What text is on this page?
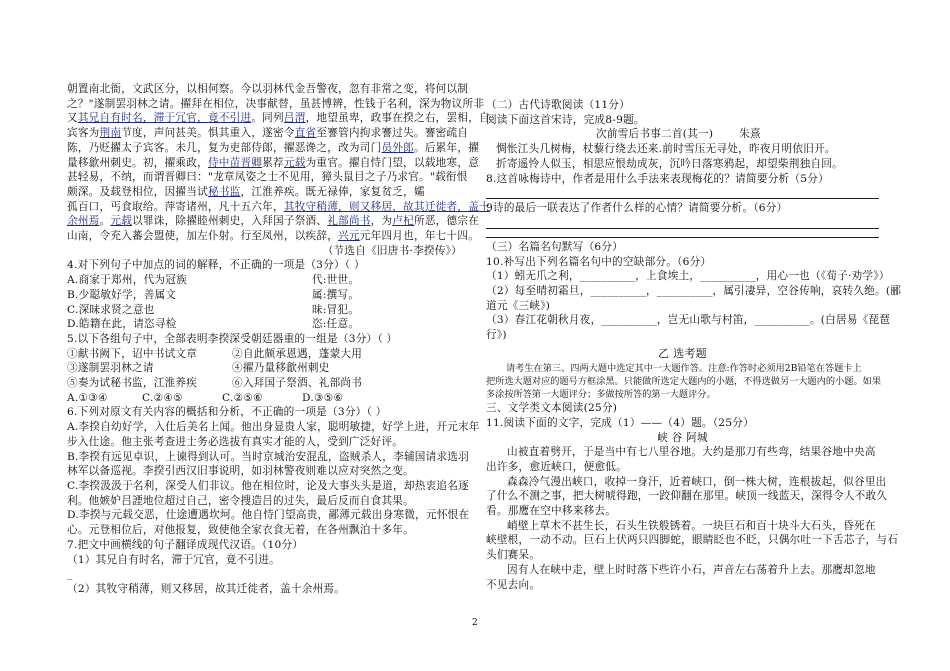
朝置南北衙，文武区分，以相何察。今以羽林代金吾警夜，忽有非常之变，将何以制
之？"遂制罢羽林之请。擢拜在相位，决事献替，虽甚博辨，性钱于名利，深为物议所非
又其兄自有时名，滞于冗官，竟不引进。同列吕渭，地望虽卑，政事在揆之右，罢相，自
宾客为荆南节度，声问甚美。惧其重入，遂密令直省至謇管内拘求謇过失。謇密疏自
陈，乃贬擢太子宾客。未几，复为吏部侍郎，擢恶谗之，改为司门员外郎。后累年，擢
量移歙州刺史。初，擢乘政，侍中苗晋卿累荐元载为重官。擢自恃门望，以载地寒，意
甚轻易，不纳，而谓晋卿曰："龙章凤姿之士不见用，獐头鼠目之子乃求官。"载衔恨
颇深。及载登相位，因擢当试秘书监，江淮养疾。既无禄俸，家复贫乏，孀
孤百口，丐食取给。萍寄诸州，凡十五六年，其牧守稍薄，则又移居，故其迁徙者，盖十
余州焉。元载以罪诛，除擢睦州刺史，入拜国子祭酒、礼部尚书，为卢杞所恶，德宗在
山南，令充入蕃会盟使，加左仆射。行至凤州，以疾辞，兴元元年四月也，年七十四。
（节选自《旧唐书·李揆传》）
4.对下列句子中加点的词的解释，不正确的一项是（3分）（ ）
A.商家于郑州，代为冠族	代:世世。
B.少聪敏好学，善属文	属:撰写。
C.深昧求贤之意也	昧:冒犯。
D.皓籍在此，请恣寻检	恣:任意。
5.以下各组句子中，全部表明李揆深受朝廷器重的一组是（3分）（ ）
①献书阙下，诏中书试文章	②自此颇承恩遇，蓬蒙大用
③遂制罢羽林之请	④擢乃量移歙州刺史
⑤奏为试秘书监，江淮养疾	⑥入拜国子祭酒、礼部尚书
A.①③④	C.②④⑤	C.②⑤⑥	D.③⑤⑥
6.下列对原文有关内容的概括和分析，不正确的一项是（3分）（ ）
A.李揆自幼好学，入仕后美名上闻。他出身显贵人家，聪明敏捷，好学上进，开元末年
步入仕途。他主张考查进士务必选拔有真实才能的人，受到广泛好评。
B.李揆有远见卓识，上谏得到认可。当时京城治安混乱，盗贼杀人，李辅国请求选羽
林军以备巡视。李揆引西汉旧事说明，如羽林警夜则难以应对突然之变。
C.李揆汲汲于名利，深受人们非议。他在相位时，论及大事头头是道，却热衷追名逐
利。他嫉妒吕諲地位超过自己，密令搜造吕的过失，最后反而自食其果。
D.李揆与元载交恶，仕途遭遇坎坷。他自恃门望高贵，鄙薄元载出身寒微，元怀恨在
心。元登相位后，对他报复，致使他全家衣食无着，在各州飘泊十多年。
7.把文中画横线的句子翻译成现代汉语。（10分）
（1）其兄自有时名，滞于冗官，竟不引进。
_
（2）其牧守稍薄，则又移居，故其迁徙者，盖十余州焉。
（二）古代诗歌阅读（11分）
阅读下面这首宋诗，完成8-9题。
次前雪后书事二首(其一) 朱熹
惆怅江头几树梅，杖藜行绕去还来.前时雪压无寻处，昨夜月明依旧开。
折寄遥怜人似玉，相思应恨劫成灰，沉吟日落寒鸦起，却望柴荆独自回。
8.这首咏梅诗中，作者是用什么手法来表现梅花的？请简要分析（5分）
9诗的最后一联表达了作者什么样的心情？请简要分析。（6分）
（三）名篇名句默写（6分）
10.补写出下列名篇名句中的空缺部分。（6分）
（1）蚓无爪之利，__________，上食埃土，__________，用心一也（《荀子·劝学》）
（2）每至晴初霜旦，__________，__________，属引凄异，空谷传响，哀转久绝。(郦
道元《三峡》)
（3）春江花朝秋月夜，__________，岂无山歌与村笛，__________。(白居易《琵琶
行》)
乙 选考题
请考生在第三、四两大题中选定其中一大题作答。注意:作答时必须用2B铅笔在答题卡上
把所选大题对应的题号方框涂黑。只能做所选定大题内的小题，不得选做另一大题内的小题。如果
多涂按所答第一大题评分；多做按所答的第一大题评分。
三、文学类文本阅读(25分)
11.阅读下面的文字，完成（1）——（4）题。（25分）
峡 谷 阿城
山被直着劈开，于是当中有七八里谷地。大约是那刀有些弯，结果谷地中央高
出许多，愈近峡口，便愈低。
森森冷气漫出峡口，收掉一身汗，近着峡口，倒一株大树，连根拔起，似谷里出
了什么不测之事，把大树唬得跑，一跤仰翻在那里。峡顶一线蓝天，深得令人不敢久
看。那鹰在空中移来移去。
峭壁上草木不甚生长，石头生铁般锈着。一块巨石和百十块斗大石头，昏死在
峡壁根，一动不动。巨石上伏两只四脚蛇，眼睛眨也不眨，只偶尔吐一下舌芯子，与石
头们赛呆。
因有人在峡中走，壁上时时落下些许小石，声音左右荡着升上去。那鹰却忽地
不见去向。
2
